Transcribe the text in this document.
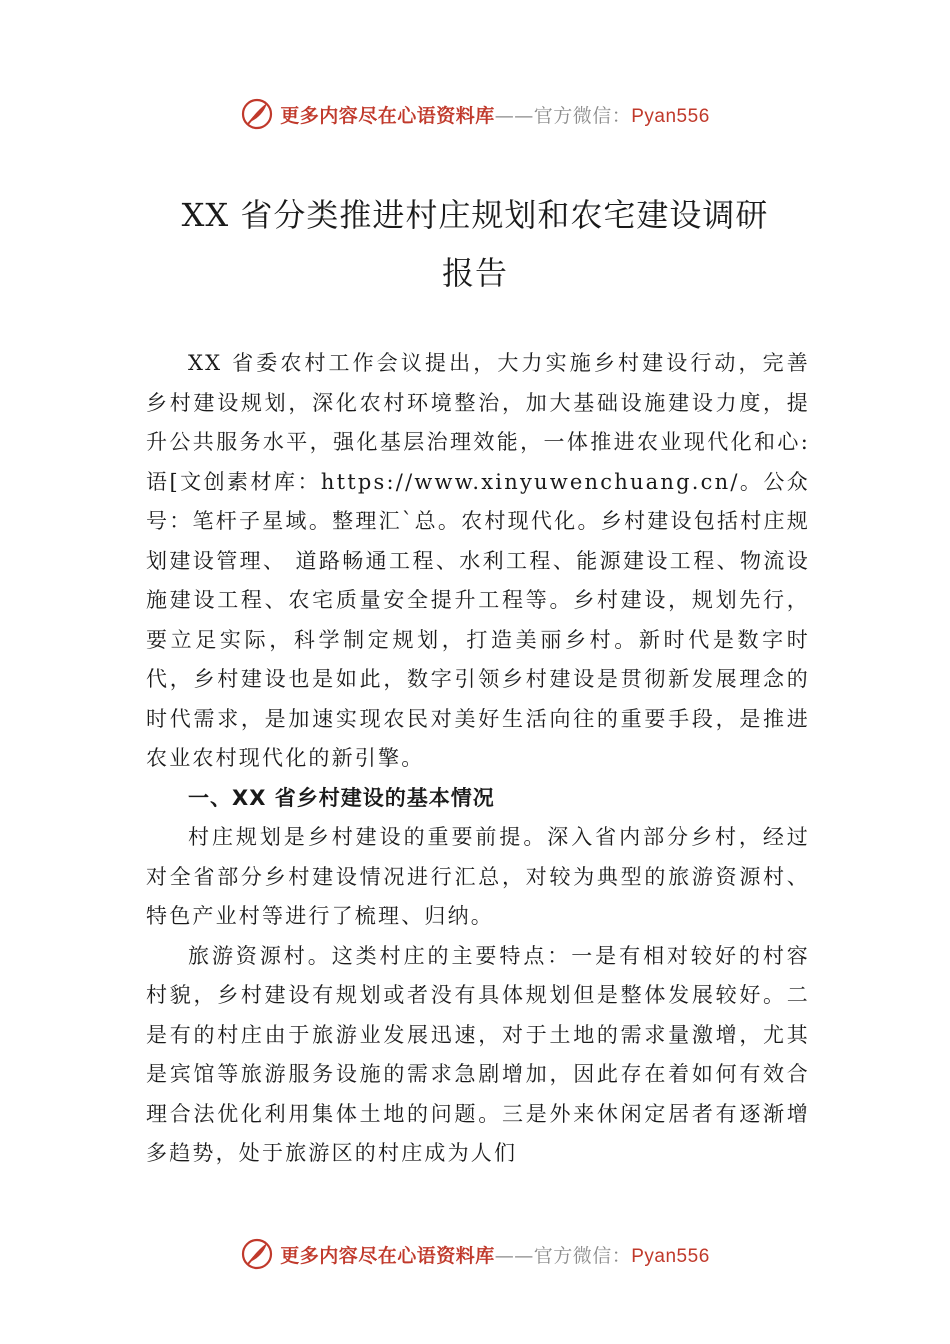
更多内容尽在心语资料库——官方微信：Pyan556
XX 省分类推进村庄规划和农宅建设调研
报告

XX 省委农村工作会议提出，大力实施乡村建设行动，完善乡村建设规划，深化农村环境整治，加大基础设施建设力度，提升公共服务水平，强化基层治理效能，一体推进农业现代化和心:语[文创素材库：https://www.xinyuwenchuang.cn/。公众号：笔杆子星域。整理汇`总。农村现代化。乡村建设包括村庄规划建设管理、 道路畅通工程、水利工程、能源建设工程、物流设施建设工程、农宅质量安全提升工程等。乡村建设，规划先行，要立足实际，科学制定规划，打造美丽乡村。新时代是数字时代，乡村建设也是如此，数字引领乡村建设是贯彻新发展理念的时代需求，是加速实现农民对美好生活向往的重要手段，是推进农业农村现代化的新引擎。

一、XX 省乡村建设的基本情况

村庄规划是乡村建设的重要前提。深入省内部分乡村，经过对全省部分乡村建设情况进行汇总，对较为典型的旅游资源村、特色产业村等进行了梳理、归纳。

旅游资源村。这类村庄的主要特点：一是有相对较好的村容村貌，乡村建设有规划或者没有具体规划但是整体发展较好。二是有的村庄由于旅游业发展迅速，对于土地的需求量激增，尤其是宾馆等旅游服务设施的需求急剧增加，因此存在着如何有效合理合法优化利用集体土地的问题。三是外来休闲定居者有逐渐增多趋势，处于旅游区的村庄成为人们

更多内容尽在心语资料库——官方微信：Pyan556
